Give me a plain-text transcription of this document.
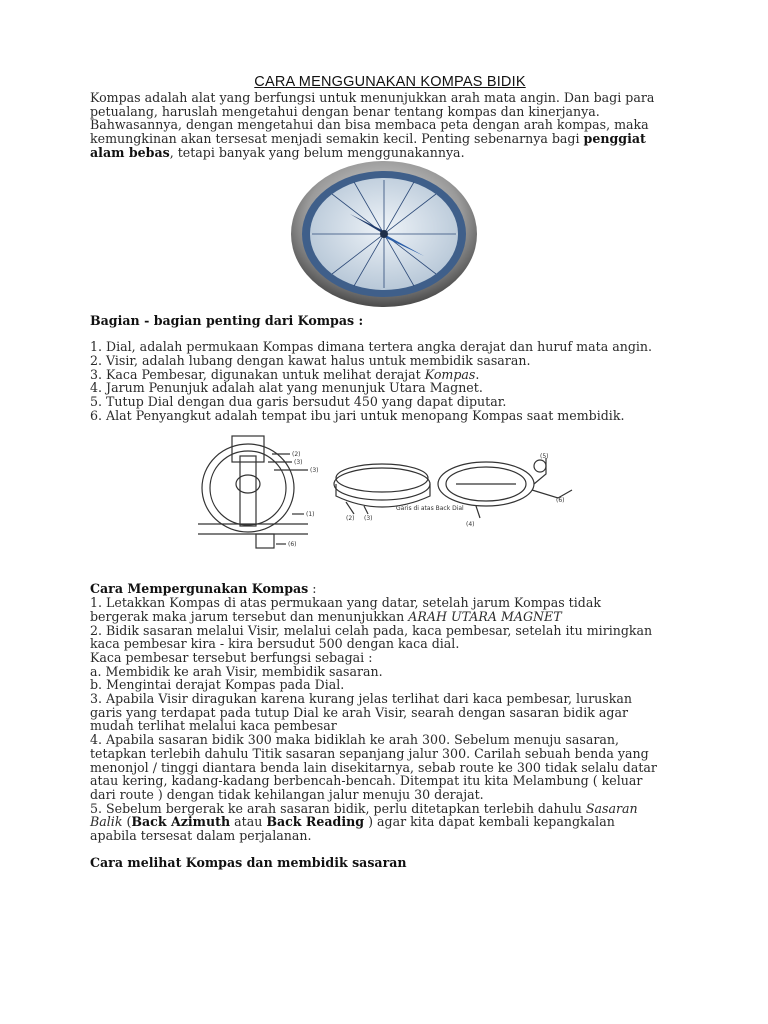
CARA MENGGUNAKAN KOMPAS BIDIK

Kompas adalah alat yang berfungsi untuk menunjukkan arah mata angin. Dan bagi para

petualang, haruslah mengetahui dengan benar tentang kompas dan kinerjanya.

Bahwasannya, dengan mengetahui dan bisa membaca peta dengan arah kompas, maka

kemungkinan akan tersesat menjadi semakin kecil. Penting sebenarnya bagi penggiat

alam bebas, tetapi banyak yang belum menggunakannya.

Bagian - bagian penting dari Kompas :

1. Dial, adalah permukaan Kompas dimana tertera angka derajat dan huruf mata angin.

2. Visir, adalah lubang dengan kawat halus untuk membidik sasaran.

3. Kaca Pembesar, digunakan untuk melihat derajat Kompas.

4. Jarum Penunjuk adalah alat yang menunjuk Utara Magnet.

5. Tutup Dial dengan dua garis bersudut 450 yang dapat diputar.

6. Alat Penyangkut adalah tempat ibu jari untuk menopang Kompas saat membidik.

Cara Mempergunakan Kompas :

1. Letakkan Kompas di atas permukaan yang datar, setelah jarum Kompas tidak

bergerak maka jarum tersebut dan menunjukkan ARAH UTARA MAGNET

2. Bidik sasaran melalui Visir, melalui celah pada, kaca pembesar, setelah itu miringkan

kaca pembesar kira - kira bersudut 500 dengan kaca dial.

Kaca pembesar tersebut berfungsi sebagai :

a. Membidik ke arah Visir, membidik sasaran.

b. Mengintai derajat Kompas pada Dial.

3. Apabila Visir diragukan karena kurang jelas terlihat dari kaca pembesar, luruskan

garis yang terdapat pada tutup Dial ke arah Visir, searah dengan sasaran bidik agar

mudah terlihat melalui kaca pembesar

4. Apabila sasaran bidik 300 maka bidiklah ke arah 300. Sebelum menuju sasaran,

tetapkan terlebih dahulu Titik sasaran sepanjang jalur 300. Carilah sebuah benda yang

menonjol / tinggi diantara benda lain disekitarnya, sebab route ke 300 tidak selalu datar

atau kering, kadang-kadang berbencah-bencah. Ditempat itu kita Melambung ( keluar

dari route ) dengan tidak kehilangan jalur menuju 30 derajat.

5. Sebelum bergerak ke arah sasaran bidik, perlu ditetapkan terlebih dahulu Sasaran

Balik (Back Azimuth atau Back Reading ) agar kita dapat kembali kepangkalan

apabila tersesat dalam perjalanan.

Cara melihat Kompas dan membidik sasaran

(2)
(3)
(3)
(1)
(6)
(2) (3)
(4)
(5)
(6)
Garis di atas Back Dial
